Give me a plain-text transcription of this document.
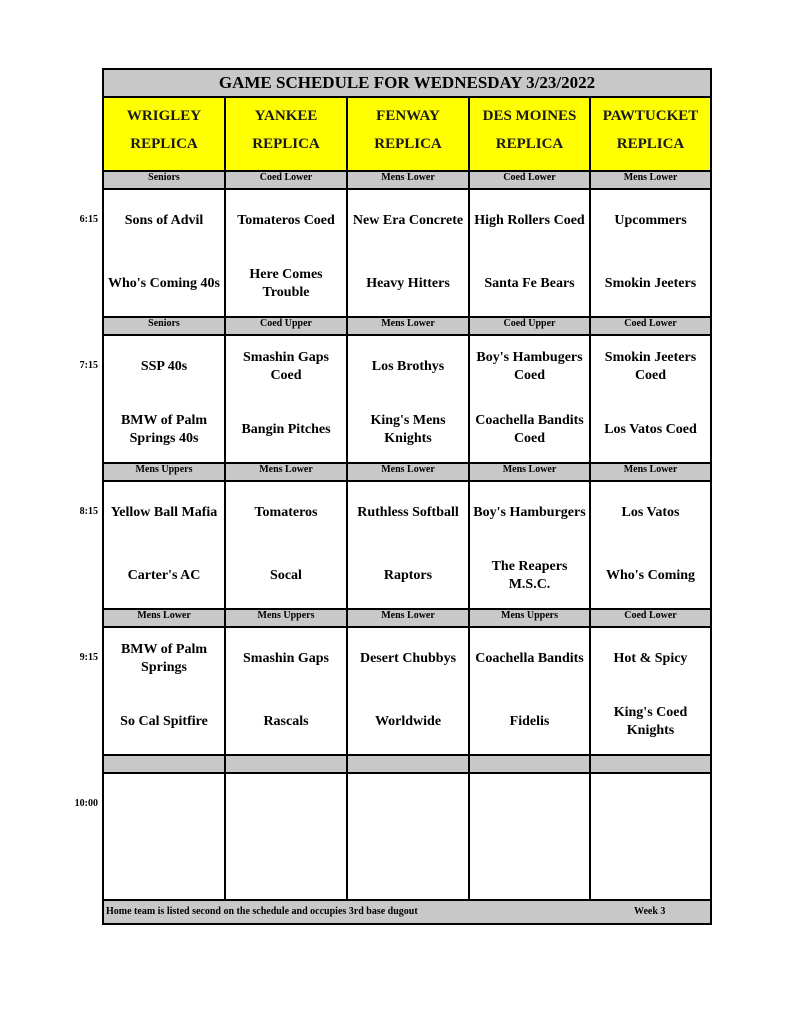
GAME SCHEDULE FOR WEDNESDAY 3/23/2022
WRIGLEY
REPLICA
YANKEE
REPLICA
FENWAY
REPLICA
DES MOINES
REPLICA
PAWTUCKET
REPLICA
Seniors
Sons of Advil
Who's Coming 40s
Coed Lower
Tomateros Coed
Here Comes Trouble
Mens Lower
New Era Concrete
Heavy Hitters
Coed Lower
High Rollers Coed
Santa Fe Bears
Mens Lower
Upcommers
Smokin Jeeters
Seniors
SSP 40s
BMW of Palm Springs 40s
Coed Upper
Smashin Gaps Coed
Bangin Pitches
Mens Lower
Los Brothys
King's Mens Knights
Coed Upper
Boy's Hambugers Coed
Coachella Bandits Coed
Coed Lower
Smokin Jeeters Coed
Los Vatos Coed
Mens Uppers
Yellow Ball Mafia
Carter's AC
Mens Lower
Tomateros
Socal
Mens Lower
Ruthless Softball
Raptors
Mens Lower
Boy's Hamburgers
The Reapers M.S.C.
Mens Lower
Los Vatos
Who's Coming
Mens Lower
BMW of Palm Springs
So Cal Spitfire
Mens Uppers
Smashin Gaps
Rascals
Mens Lower
Desert Chubbys
Worldwide
Mens Uppers
Coachella Bandits
Fidelis
Coed Lower
Hot & Spicy
King's Coed Knights
Home team is listed second on the schedule and occupies 3rd base dugout	Week 3
6:15
7:15
8:15
9:15
10:00
